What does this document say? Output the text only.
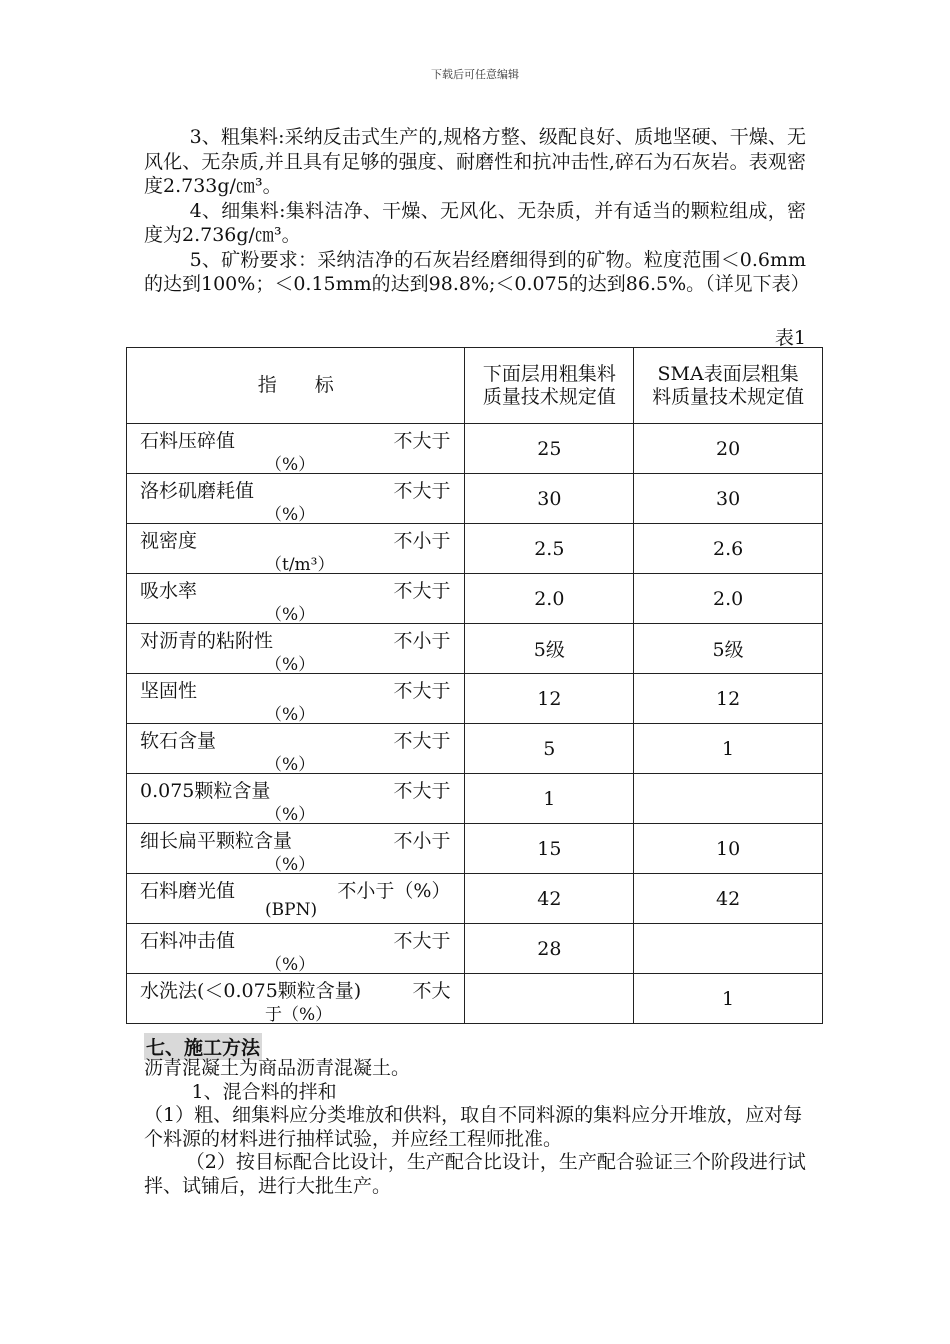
下载后可任意编辑

3、粗集料:采纳反击式生产的,规格方整、级配良好、质地坚硬、干燥、无风化、无杂质,并且具有足够的强度、耐磨性和抗冲击性,碎石为石灰岩。表观密度2.733g/㎝³。

4、细集料:集料洁净、干燥、无风化、无杂质，并有适当的颗粒组成，密度为2.736g/㎝³。

5、矿粉要求：采纳洁净的石灰岩经磨细得到的矿物。粒度范围＜0.6mm的达到100%；＜0.15mm的达到98.8%;＜0.075的达到86.5%。（详见下表）

表1
指　　标	下面层用粗集料质量技术规定值	SMA表面层粗集料质量技术规定值

石料压碎值 不大于
（%）	25	20

洛杉矶磨耗值 不大于
（%）	30	30

视密度 不小于
（t/m³）	2.5	2.6

吸水率 不大于
（%）	2.0	2.0

对沥青的粘附性 不小于
（%）	5级	5级

坚固性 不大于
（%）	12	12

软石含量 不大于
（%）	5	1

0.075颗粒含量 不大于
（%）	1	

细长扁平颗粒含量 不小于
（%）	15	10

石料磨光值 不小于（%）
(BPN)	42	42

石料冲击值 不大于
（%）	28	

水洗法(＜0.075颗粒含量) 不大
于（%）		1
七、施工方法

沥青混凝土为商品沥青混凝土。

1、混合料的拌和

（1）粗、细集料应分类堆放和供料，取自不同料源的集料应分开堆放，应对每个料源的材料进行抽样试验，并应经工程师批准。

（2）按目标配合比设计，生产配合比设计，生产配合验证三个阶段进行试拌、试铺后，进行大批生产。
